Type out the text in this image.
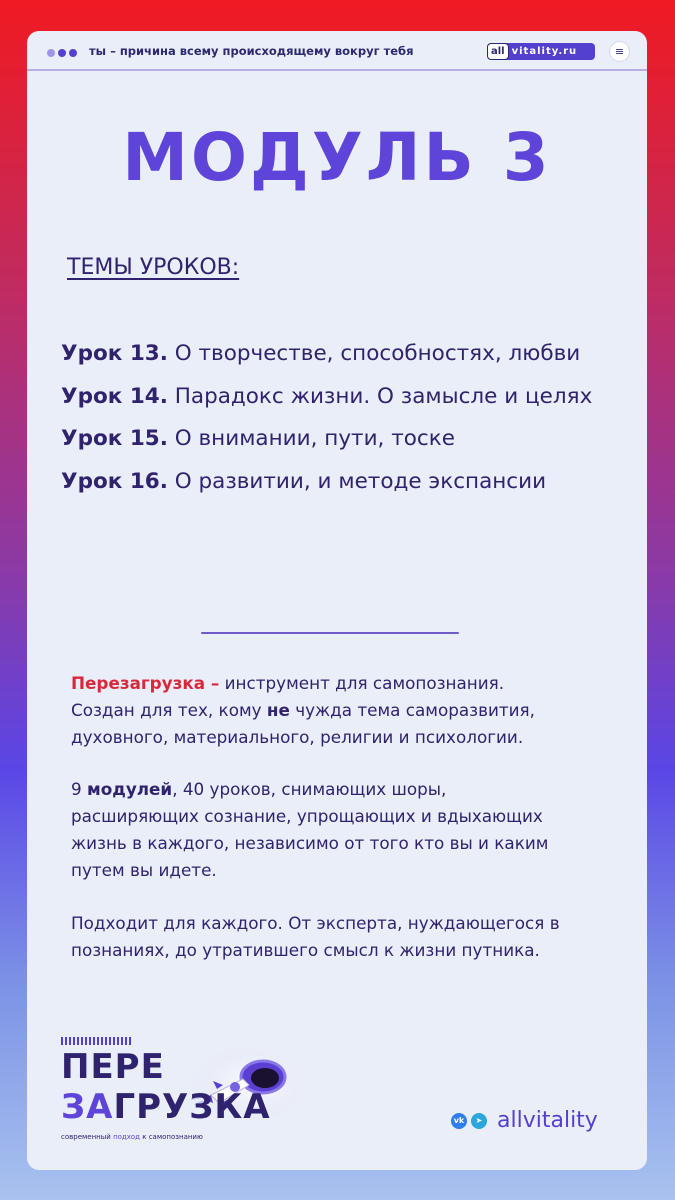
ты – причина всему происходящему вокруг тебя	all vitality.ru	≡
МОДУЛЬ 3
ТЕМЫ УРОКОВ:
Урок 13. О творчестве, способностях, любви
Урок 14. Парадокс жизни. О замысле и целях
Урок 15. О внимании, пути, тоске
Урок 16. О развитии, и методе экспансии
Перезагрузка – инструмент для самопознания.
Создан для тех, кому не чужда тема саморазвития,
духовного, материального, религии и психологии.
9 модулей, 40 уроков, снимающих шоры,
расширяющих сознание, упрощающих и вдыхающих
жизнь в каждого, независимо от того кто вы и каким
путем вы идете.
Подходит для каждого. От эксперта, нуждающегося в
познаниях, до утратившего смысл к жизни путника.
ПЕРЕ
ЗАГРУЗКА
современный подход к самопознанию
vk	➤ allvitality
